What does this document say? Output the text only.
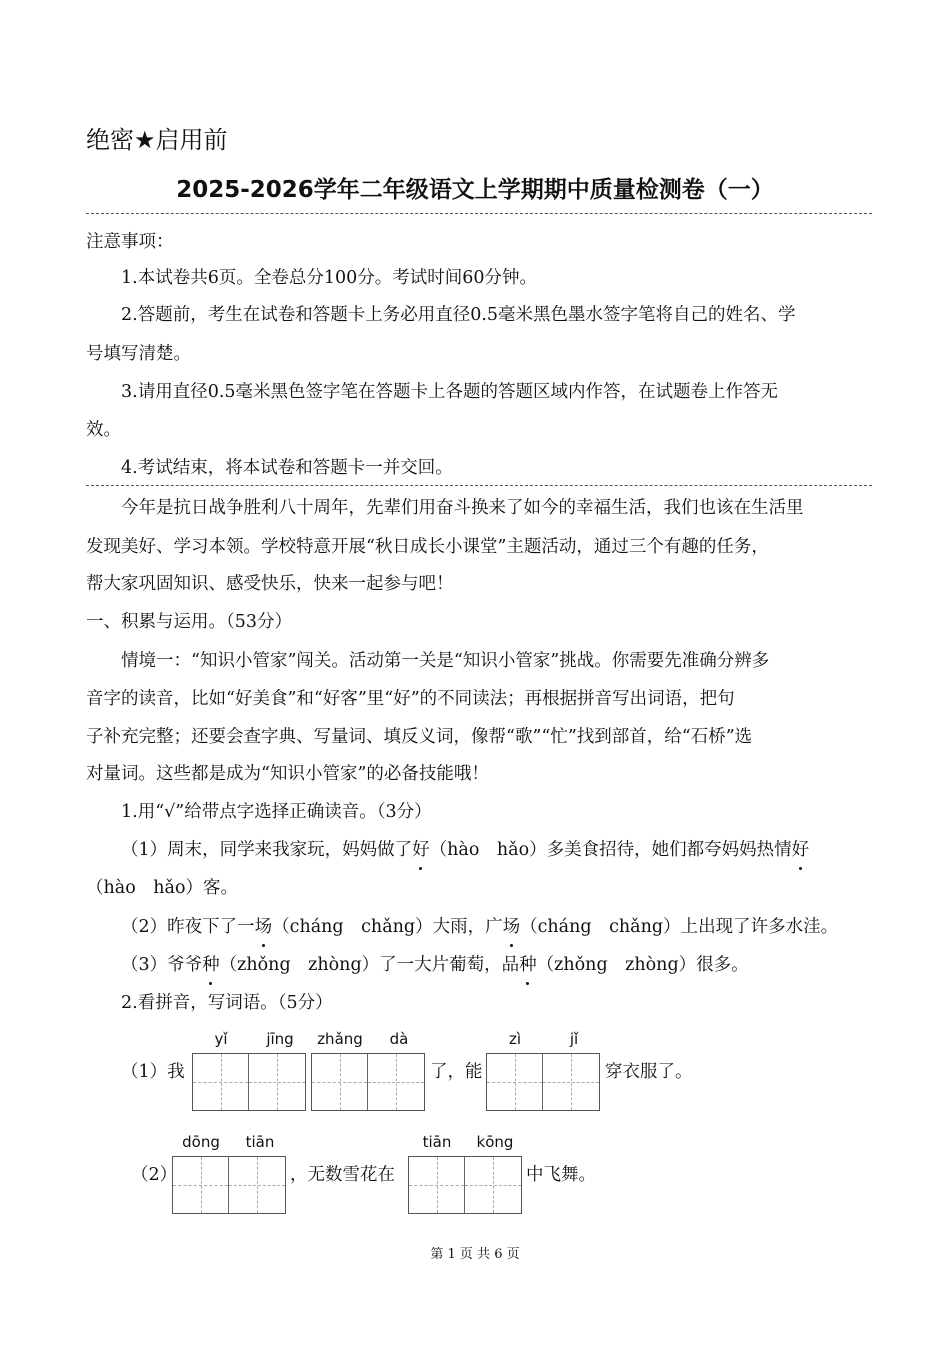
绝密★启用前
2025-2026学年二年级语文上学期期中质量检测卷（一）
注意事项：
1.本试卷共6页。全卷总分100分。考试时间60分钟。
2.答题前，考生在试卷和答题卡上务必用直径0.5毫米黑色墨水签字笔将自己的姓名、学
号填写清楚。
3.请用直径0.5毫米黑色签字笔在答题卡上各题的答题区域内作答，在试题卷上作答无
效。
4.考试结束，将本试卷和答题卡一并交回。
今年是抗日战争胜利八十周年，先辈们用奋斗换来了如今的幸福生活，我们也该在生活里
发现美好、学习本领。学校特意开展“秋日成长小课堂”主题活动，通过三个有趣的任务，
帮大家巩固知识、感受快乐，快来一起参与吧！
一、积累与运用。（53分）
情境一：“知识小管家”闯关。活动第一关是“知识小管家”挑战。你需要先准确分辨多
音字的读音，比如“好美食”和“好客”里“好”的不同读法；再根据拼音写出词语，把句
子补充完整；还要会查字典、写量词、填反义词，像帮“歌”“忙”找到部首，给“石桥”选
对量词。这些都是成为“知识小管家”的必备技能哦！
1.用“√”给带点字选择正确读音。（3分）
（1）周末，同学来我家玩，妈妈做了好（hào　hǎo）多美食招待，她们都夸妈妈热情好
（hào　hǎo）客。
（2）昨夜下了一场（cháng　chǎng）大雨，广场（cháng　chǎng）上出现了许多水洼。
（3）爷爷种（zhǒng　zhòng）了一大片葡萄，品种（zhǒng　zhòng）很多。
2.看拼音，写词语。（5分）
（1）我
yǐ	jīng	zhǎng	dà
了，能
zì	jǐ
穿衣服了。
（2）
dōng	tiān
，无数雪花在
tiān	kōng
中飞舞。
第 1 页 共 6 页
